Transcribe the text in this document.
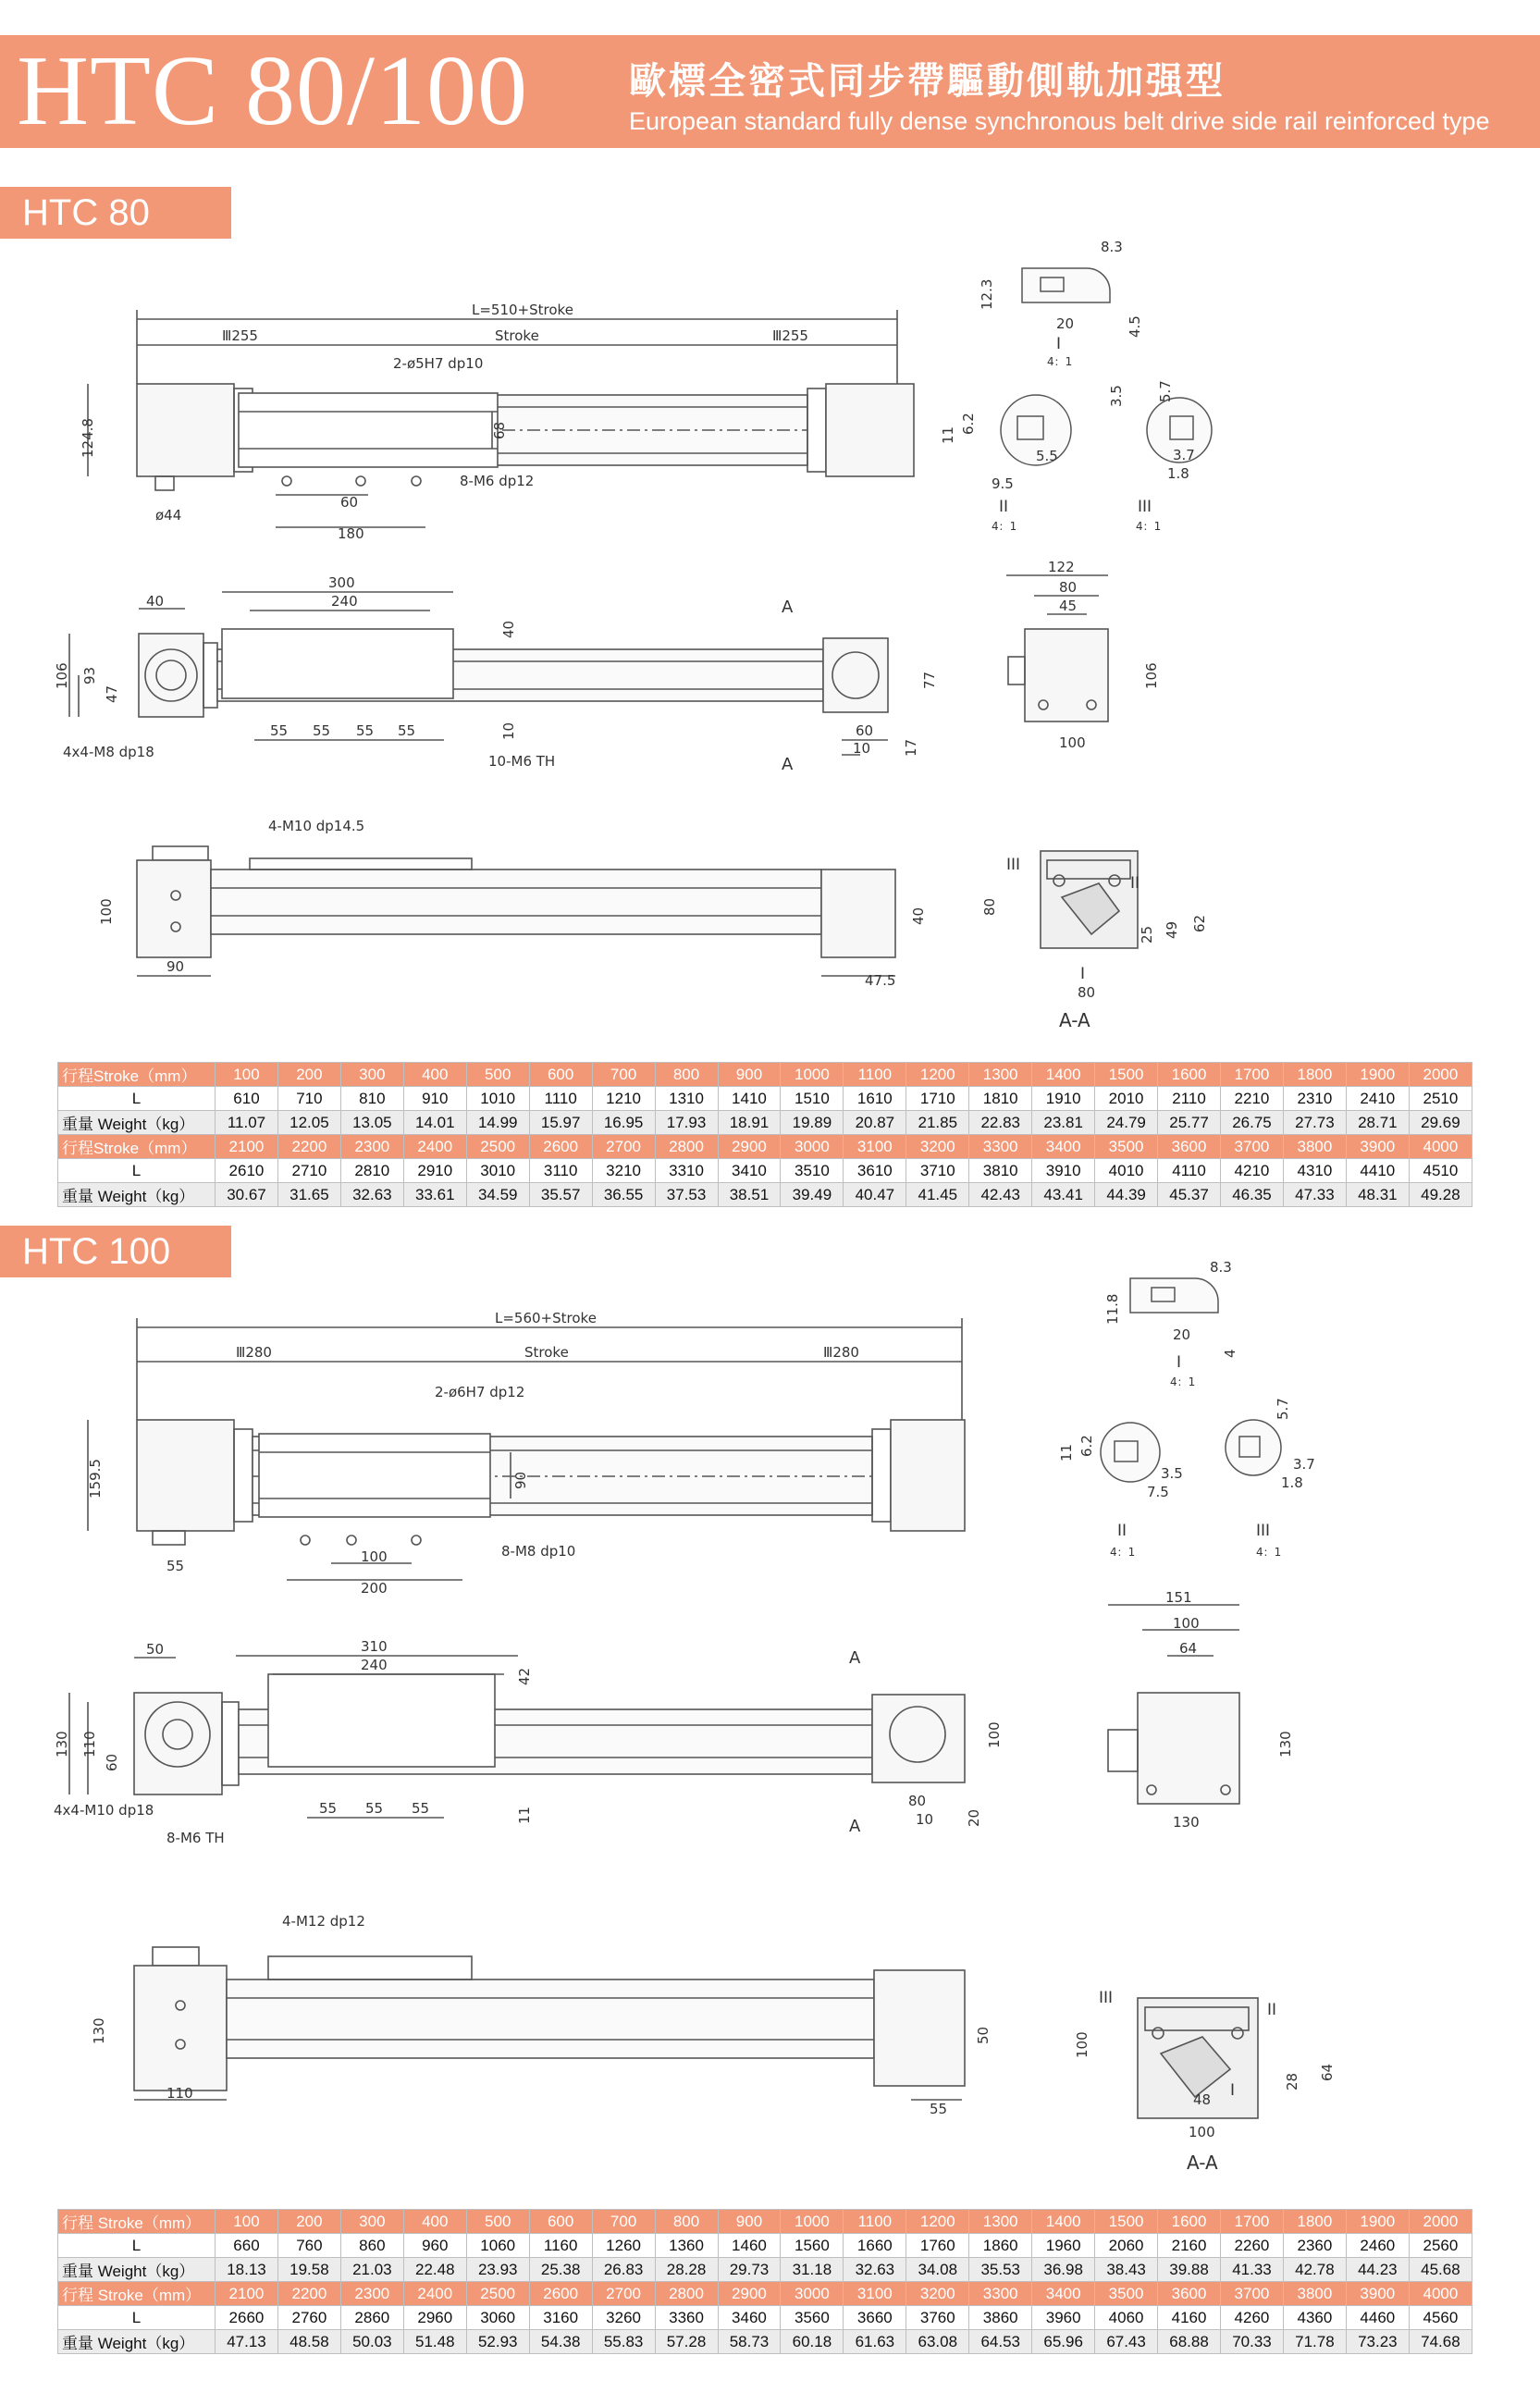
HTC 80/100	歐標全密式同步帶驅動側軌加强型
European standard fully dense synchronous belt drive side rail reinforced type
HTC 80
L=510+Stroke
Ⅲ255	Stroke	Ⅲ255
2-ø5H7 dp10
124.8
ø44
8-M6 dp12
60
180
68
300
240
40
106 93
47
4x4-M8 dp18
55 55 55 55
10-M6 TH
40
10
77
17
60
10
A
A
4-M10 dp14.5
100
90
40
47.5
8.3
12.3
20	4.5
I
4：1
11
6.2
9.5
5.5
II
4：1
3.5 5.7
3.7
1.8
III
4：1
122
80
45
106
100
A-A
III
I
II
80
25 49 62
80
行程Stroke（mm）	100	200	300	400	500	600	700	800	900	1000	1100	1200	1300	1400	1500	1600	1700	1800	1900	2000
L	610	710	810	910	1010	1110	1210	1310	1410	1510	1610	1710	1810	1910	2010	2110	2210	2310	2410	2510
重量 Weight（kg）	11.07	12.05	13.05	14.01	14.99	15.97	16.95	17.93	18.91	19.89	20.87	21.85	22.83	23.81	24.79	25.77	26.75	27.73	28.71	29.69
行程Stroke（mm）	2100	2200	2300	2400	2500	2600	2700	2800	2900	3000	3100	3200	3300	3400	3500	3600	3700	3800	3900	4000
L	2610	2710	2810	2910	3010	3110	3210	3310	3410	3510	3610	3710	3810	3910	4010	4110	4210	4310	4410	4510
重量 Weight（kg）	30.67	31.65	32.63	33.61	34.59	35.57	36.55	37.53	38.51	39.49	40.47	41.45	42.43	43.41	44.39	45.37	46.35	47.33	48.31	49.28
HTC 100
L=560+Stroke
Ⅲ280	Stroke	Ⅲ280
2-ø6H7 dp12
159.5
55
8-M8 dp10
100
200
90
310
240
50
130 110
60
4x4-M10 dp18
8-M6 TH
55 55 55
42
11
100
80
10 20
A
A
4-M12 dp12
130
110
50
55
8.3
11.8
20
4
I
4：1
11 6.2
3.5
7.5
II
4：1
5.7
3.7
1.8
III
4：1
151
100
64
130
130
A-A
III
II
I
100
28
64
48
100
行程 Stroke（mm）	100	200	300	400	500	600	700	800	900	1000	1100	1200	1300	1400	1500	1600	1700	1800	1900	2000
L	660	760	860	960	1060	1160	1260	1360	1460	1560	1660	1760	1860	1960	2060	2160	2260	2360	2460	2560
重量 Weight（kg）	18.13	19.58	21.03	22.48	23.93	25.38	26.83	28.28	29.73	31.18	32.63	34.08	35.53	36.98	38.43	39.88	41.33	42.78	44.23	45.68
行程 Stroke（mm）	2100	2200	2300	2400	2500	2600	2700	2800	2900	3000	3100	3200	3300	3400	3500	3600	3700	3800	3900	4000
L	2660	2760	2860	2960	3060	3160	3260	3360	3460	3560	3660	3760	3860	3960	4060	4160	4260	4360	4460	4560
重量 Weight（kg）	47.13	48.58	50.03	51.48	52.93	54.38	55.83	57.28	58.73	60.18	61.63	63.08	64.53	65.96	67.43	68.88	70.33	71.78	73.23	74.68
